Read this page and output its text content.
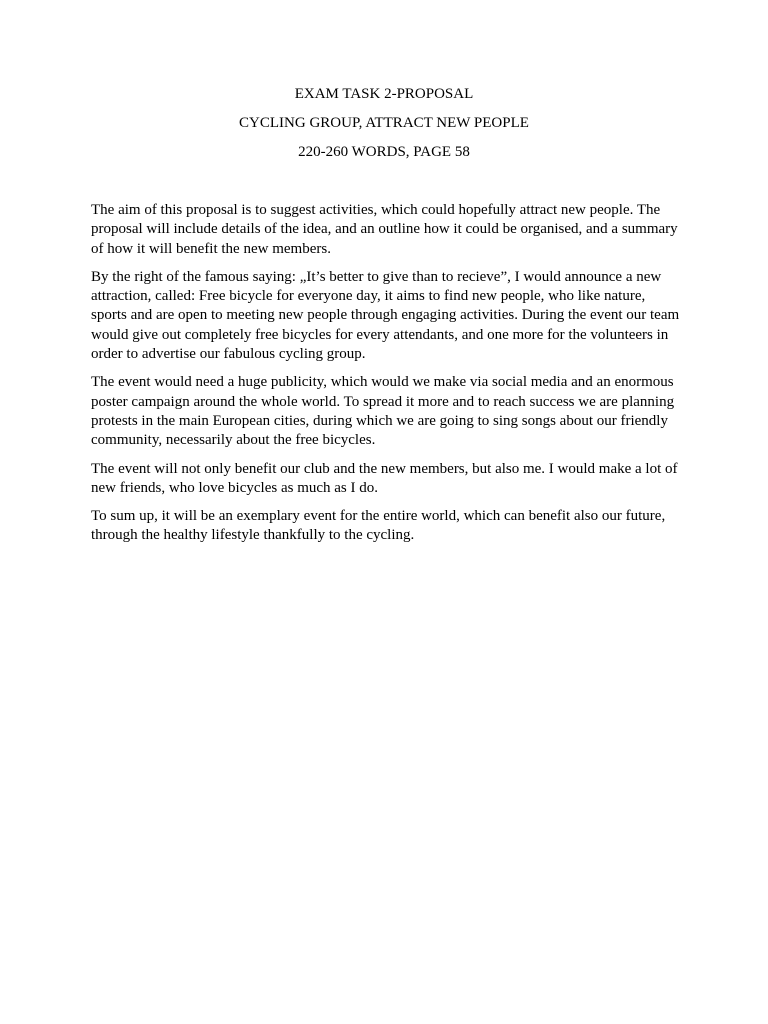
EXAM TASK 2-PROPOSAL

CYCLING GROUP, ATTRACT NEW PEOPLE

220-260 WORDS, PAGE 58

The aim of this proposal is to suggest activities, which could hopefully attract new people. The proposal will include details of the idea, and an outline how it could be organised, and a summary of how it will benefit the new members.

By the right of the famous saying: „It’s better to give than to recieve”, I would announce a new attraction, called: Free bicycle for everyone day, it aims to find new people, who like nature, sports and are open to meeting new people through engaging activities. During the event our team would give out completely free bicycles for every attendants, and one more for the volunteers in order to advertise our fabulous cycling group.

The event would need a huge publicity, which would we make via social media and an enormous poster campaign around the whole world. To spread it more and to reach success we are planning protests in the main European cities, during which we are going to sing songs about our friendly community, necessarily about the free bicycles.

The event will not only benefit our club and the new members, but also me. I would make a lot of new friends, who love bicycles as much as I do.

To sum up, it will be an exemplary event for the entire world, which can benefit also our future, through the healthy lifestyle thankfully to the cycling.
